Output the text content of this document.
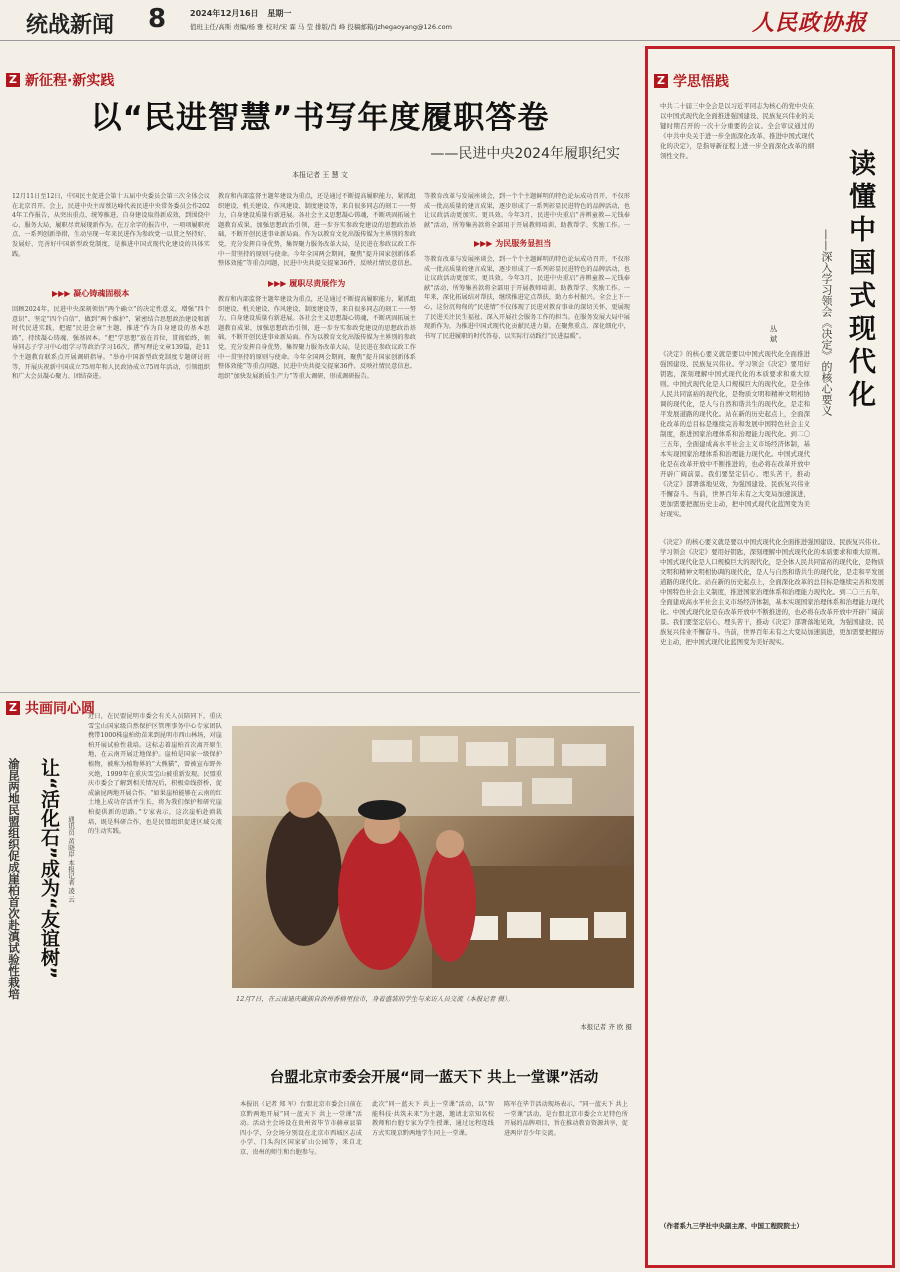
统战新闻 8	2024年12月16日 星期一
值班主任/高斯 责编/杨 雅 校对/宋 霖 马 莹 排版/肖 峰 投稿邮箱/jzhegaoyang@126.com	人民政协报
Z 新征程·新实践
以“民进智慧”书写年度履职答卷
——民进中央2024年履职纪实
本报记者 王 慧 文
12月11日至12日，中国民主促进会第十五届中央委员会第三次全体会议在北京召开。会上，民进中央主席蔡达峰代表民进中央常务委员会作2024年工作报告，从突出重点、统筹推进，自身建设取得新成效，到围绕中心、服务大局，履职尽责展现新作为。在万余字的报告中，一项项履职亮点、一系列创新举措，生动呈现一年来民进作为参政党一以贯之坚持好、发展好、完善好中国新型政党制度，是推进中国式现代化建设的具体实践。
▶▶▶ 凝心铸魂固根本
回顾2024年，民进中央深刻领悟“两个确立”的决定性意义，增强“四个意识”、坚定“四个自信”、做到“两个维护”，紧密结合思想政治建设和新时代民进实践，把握“民进会章”主题，推进“作为自身建设的基本思路”，持续凝心铸魂、强基固本。“把“学思想”放在首位，贯彻始终，领导同志子学习中心组学习等政治学习16次，撰写理论文章139篇，赴11个主题教育联系点开展调研指导。“举办中国新型政党制度专题研讨班等，开展庆祝新中国成立75周年和人民政协成立75周年活动，引领组织和广大会员凝心聚力、团结奋进。
教育和内部监督主题年建设为重点，还是通过不断提高履职能力，紧抓组织建设、机关建设、作风建设、制度建设等，来自很多同志的刻工一一努力，自身建设质量有新进展。各社会主义思想凝心铸魂，不断巩固拓展主题教育成果，加强思想政治引领，进一步夯实参政党建设的思想政治基础，不断开创民进事业新局面。作为以教育文化出版传媒为主界别的参政党，充分发挥自身优势，集智聚力服务改革大局，是民进在参政议政工作中一贯坚持的原则与使命。今年全国两会期间，聚焦“提升国家创新体系整体效能”等重点问题，民进中央共提交提案36件，反映社情民意信息。
▶▶▶ 履职尽责展作为
教育和内部监督主题年建设为重点，还是通过不断提高履职能力，紧抓组织建设、机关建设、作风建设、制度建设等，来自很多同志的刻工一一努力，自身建设质量有新进展。各社会主义思想凝心铸魂，不断巩固拓展主题教育成果，加强思想政治引领，进一步夯实参政党建设的思想政治基础，不断开创民进事业新局面。作为以教育文化出版传媒为主界别的参政党，充分发挥自身优势，集智聚力服务改革大局，是民进在参政议政工作中一贯坚持的原则与使命。今年全国两会期间，聚焦“提升国家创新体系整体效能”等重点问题，民进中央共提交提案36件，反映社情民意信息。组织“加快发展新质生产力”等重大调研，形成调研报告。
等教育改革与发展座谈会，到一个个主题鲜明的特色论坛成功召开，不仅形成一批高质量的建言成果，逐步形成了一系列彰显民进特色的品牌活动，也让议政活动更加实、更具效。今年3月，民进中央重启“善辨童教—元钱奉献”活动，所筹集善款将全部用于开展教师培训、助教帮学、奖励工作。一
▶▶▶ 为民服务显担当
等教育改革与发展座谈会，到一个个主题鲜明的特色论坛成功召开，不仅形成一批高质量的建言成果，逐步形成了一系列彰显民进特色的品牌活动，也让议政活动更加实、更具效。今年3月，民进中央重启“善辨童教—元钱奉献”活动，所筹集善款将全部用于开展教师培训、助教帮学、奖励工作。一年来，深化拓展结对帮扶，继续推进定点帮扶，助力乡村振兴。全会上下一心，这份沉甸甸的“民进情”不仅体现了民进对教育事业的深切关怀，更展现了民进关注民生福祉、深入开展社会服务工作的担当。在服务发展大局中展现新作为，为推进中国式现代化贡献民进力量。在聚焦重点、深化细化中，书写了民进履职的时代答卷，以实际行动践行“民进温暖”。
Z 共画同心圆
让“活化石”成为“友谊树”
渝昆两地民盟组织促成崖柏首次赴滇试验性栽培	通讯员 黄晓岸 本报记者 凌 云
近日，在民盟昆明市委会有关人员陪同下，重庆雪宝山国家级自然保护区管理事务中心专家团队携带1000株崖柏幼苗来到昆明市西山林场，对崖柏开展试验性栽培。这标志着崖柏首次离开原生地，在云南开展迁地保护。崖柏是国家一级保护植物，被称为植物界的“大熊猫”，曾被宣布野外灭绝，1999年在重庆雪宝山被重新发现。民盟重庆市委会了解到相关情况后，积极牵线搭桥，促成渝昆两地开展合作。“如果崖柏能够在云南的红土地上成功存活并生长，将为我们保护和研究崖柏提供新的思路。”专家表示，这次崖柏赴滇栽培，既是科研合作，也是民盟组织促进区域交流的生动实践。
12月7日，在云南迪庆藏族自治州香格里拉市，身着盛装的学生与来访人员交流（本报记者 摄）。
本报记者 齐 欧 摄
台盟北京市委会开展“同一蓝天下 共上一堂课”活动
本报讯（记者 郑 军）台盟北京市委会日前在京黔两地开展“同一蓝天下 共上一堂课”活动。活动主会场设在贵州省毕节市赫章县第四小学，分会场分别设在北京市西城区志成小学、门头沟区国家矿山公园等，来自北京、贵州的师生和台胞参与。
此次“同一蓝天下 共上一堂课”活动，以“智能科技·共筑未来”为主题，邀请北京知名校教师和台胞专家为学生授课，通过远程连线方式实现京黔两地学生同上一堂课。
陈军在毕节活动现场表示，“同一蓝天下 共上一堂课”活动，是台盟北京市委会立足特色所开展的品牌项目，旨在推动教育资源共享，促进两岸青少年交流。
Z 学思悟践
中共二十届三中全会是以习近平同志为核心的党中央在以中国式现代化全面推进强国建设、民族复兴伟业的关键时期召开的一次十分重要的会议。全会审议通过的《中共中央关于进一步全面深化改革、推进中国式现代化的决定》，是指导新征程上进一步全面深化改革的纲领性文件。	读懂中国式现代化
——深入学习领会《决定》的核心要义
丛 斌
《决定》的核心要义就是要以中国式现代化全面推进强国建设、民族复兴伟业。学习领会《决定》要用好钥匙，深刻理解中国式现代化的本质要求和重大原则。中国式现代化是人口规模巨大的现代化，是全体人民共同富裕的现代化，是物质文明和精神文明相协调的现代化，是人与自然和谐共生的现代化，是走和平发展道路的现代化。站在新的历史起点上，全面深化改革的总目标是继续完善和发展中国特色社会主义制度，推进国家治理体系和治理能力现代化。到二〇三五年，全面建成高水平社会主义市场经济体制，基本实现国家治理体系和治理能力现代化。中国式现代化是在改革开放中不断推进的，也必将在改革开放中开辟广阔前景。我们要坚定信心、埋头苦干，推动《决定》部署落地见效，为强国建设、民族复兴伟业不懈奋斗。当前，世界百年未有之大变局加速演进，更加需要把握历史主动，把中国式现代化蓝图变为美好现实。
《决定》的核心要义就是要以中国式现代化全面推进强国建设、民族复兴伟业。学习领会《决定》要用好钥匙，深刻理解中国式现代化的本质要求和重大原则。中国式现代化是人口规模巨大的现代化，是全体人民共同富裕的现代化，是物质文明和精神文明相协调的现代化，是人与自然和谐共生的现代化，是走和平发展道路的现代化。站在新的历史起点上，全面深化改革的总目标是继续完善和发展中国特色社会主义制度，推进国家治理体系和治理能力现代化。到二〇三五年，全面建成高水平社会主义市场经济体制，基本实现国家治理体系和治理能力现代化。中国式现代化是在改革开放中不断推进的，也必将在改革开放中开辟广阔前景。我们要坚定信心、埋头苦干，推动《决定》部署落地见效，为强国建设、民族复兴伟业不懈奋斗。当前，世界百年未有之大变局加速演进，更加需要把握历史主动，把中国式现代化蓝图变为美好现实。
（作者系九三学社中央副主席、中国工程院院士）
